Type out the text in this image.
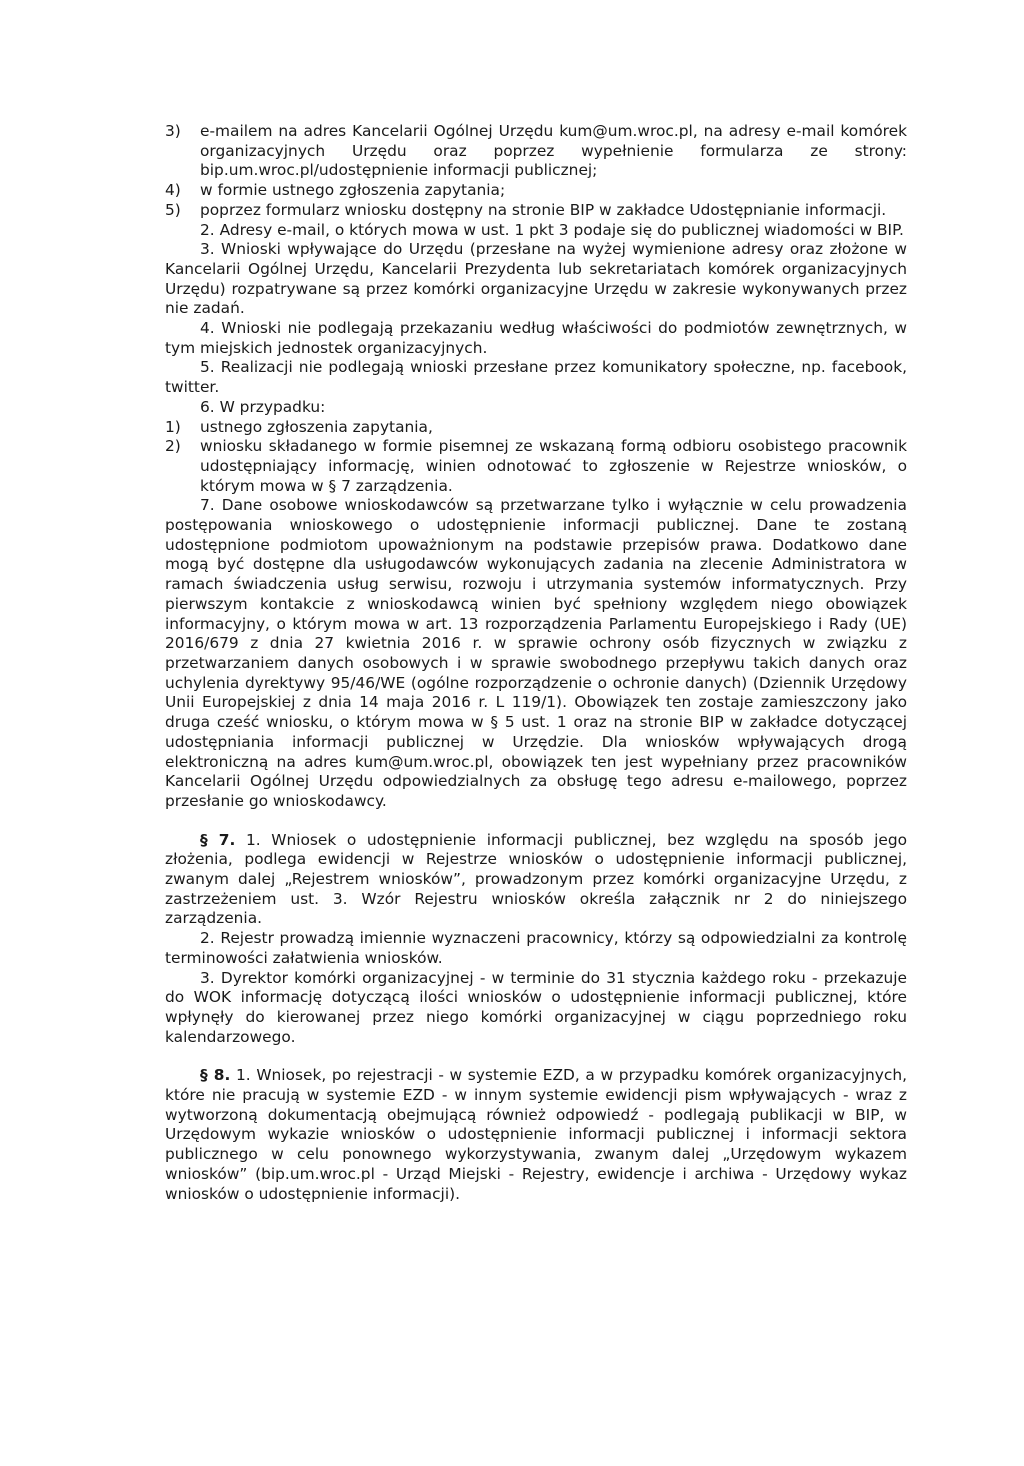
3) e-mailem na adres Kancelarii Ogólnej Urzędu kum@um.wroc.pl, na adresy e-mail komórek organizacyjnych Urzędu oraz poprzez wypełnienie formularza ze strony: bip.um.wroc.pl/udostępnienie informacji publicznej;

4) w formie ustnego zgłoszenia zapytania;

5) poprzez formularz wniosku dostępny na stronie BIP w zakładce Udostępnianie informacji.

2. Adresy e-mail, o których mowa w ust. 1 pkt 3 podaje się do publicznej wiadomości w BIP.

3. Wnioski wpływające do Urzędu (przesłane na wyżej wymienione adresy oraz złożone w Kancelarii Ogólnej Urzędu, Kancelarii Prezydenta lub sekretariatach komórek organizacyjnych Urzędu) rozpatrywane są przez komórki organizacyjne Urzędu w zakresie wykonywanych przez nie zadań.

4. Wnioski nie podlegają przekazaniu według właściwości do podmiotów zewnętrznych, w tym miejskich jednostek organizacyjnych.

5. Realizacji nie podlegają wnioski przesłane przez komunikatory społeczne, np. facebook, twitter.

6. W przypadku:

1) ustnego zgłoszenia zapytania,

2) wniosku składanego w formie pisemnej ze wskazaną formą odbioru osobistego pracownik udostępniający informację, winien odnotować to zgłoszenie w Rejestrze wniosków, o którym mowa w § 7 zarządzenia.

7. Dane osobowe wnioskodawców są przetwarzane tylko i wyłącznie w celu prowadzenia postępowania wnioskowego o udostępnienie informacji publicznej. Dane te zostaną udostępnione podmiotom upoważnionym na podstawie przepisów prawa. Dodatkowo dane mogą być dostępne dla usługodawców wykonujących zadania na zlecenie Administratora w ramach świadczenia usług serwisu, rozwoju i utrzymania systemów informatycznych. Przy pierwszym kontakcie z wnioskodawcą winien być spełniony względem niego obowiązek informacyjny, o którym mowa w art. 13 rozporządzenia Parlamentu Europejskiego i Rady (UE) 2016/679 z dnia 27 kwietnia 2016 r. w sprawie ochrony osób fizycznych w związku z przetwarzaniem danych osobowych i w sprawie swobodnego przepływu takich danych oraz uchylenia dyrektywy 95/46/WE (ogólne rozporządzenie o ochronie danych) (Dziennik Urzędowy Unii Europejskiej z dnia 14 maja 2016 r. L 119/1). Obowiązek ten zostaje zamieszczony jako druga cześć wniosku, o którym mowa w § 5 ust. 1 oraz na stronie BIP w zakładce dotyczącej udostępniania informacji publicznej w Urzędzie. Dla wniosków wpływających drogą elektroniczną na adres kum@um.wroc.pl, obowiązek ten jest wypełniany przez pracowników Kancelarii Ogólnej Urzędu odpowiedzialnych za obsługę tego adresu e-mailowego, poprzez przesłanie go wnioskodawcy.

§ 7. 1. Wniosek o udostępnienie informacji publicznej, bez względu na sposób jego złożenia, podlega ewidencji w Rejestrze wniosków o udostępnienie informacji publicznej, zwanym dalej „Rejestrem wniosków”, prowadzonym przez komórki organizacyjne Urzędu, z zastrzeżeniem ust. 3. Wzór Rejestru wniosków określa załącznik nr 2 do niniejszego zarządzenia.

2. Rejestr prowadzą imiennie wyznaczeni pracownicy, którzy są odpowiedzialni za kontrolę terminowości załatwienia wniosków.

3. Dyrektor komórki organizacyjnej - w terminie do 31 stycznia każdego roku - przekazuje do WOK informację dotyczącą ilości wniosków o udostępnienie informacji publicznej, które wpłynęły do kierowanej przez niego komórki organizacyjnej w ciągu poprzedniego roku kalendarzowego.

§ 8. 1. Wniosek, po rejestracji - w systemie EZD, a w przypadku komórek organizacyjnych, które nie pracują w systemie EZD - w innym systemie ewidencji pism wpływających - wraz z wytworzoną dokumentacją obejmującą również odpowiedź - podlegają publikacji w BIP, w Urzędowym wykazie wniosków o udostępnienie informacji publicznej i informacji sektora publicznego w celu ponownego wykorzystywania, zwanym dalej „Urzędowym wykazem wniosków” (bip.um.wroc.pl - Urząd Miejski - Rejestry, ewidencje i archiwa - Urzędowy wykaz wniosków o udostępnienie informacji).
